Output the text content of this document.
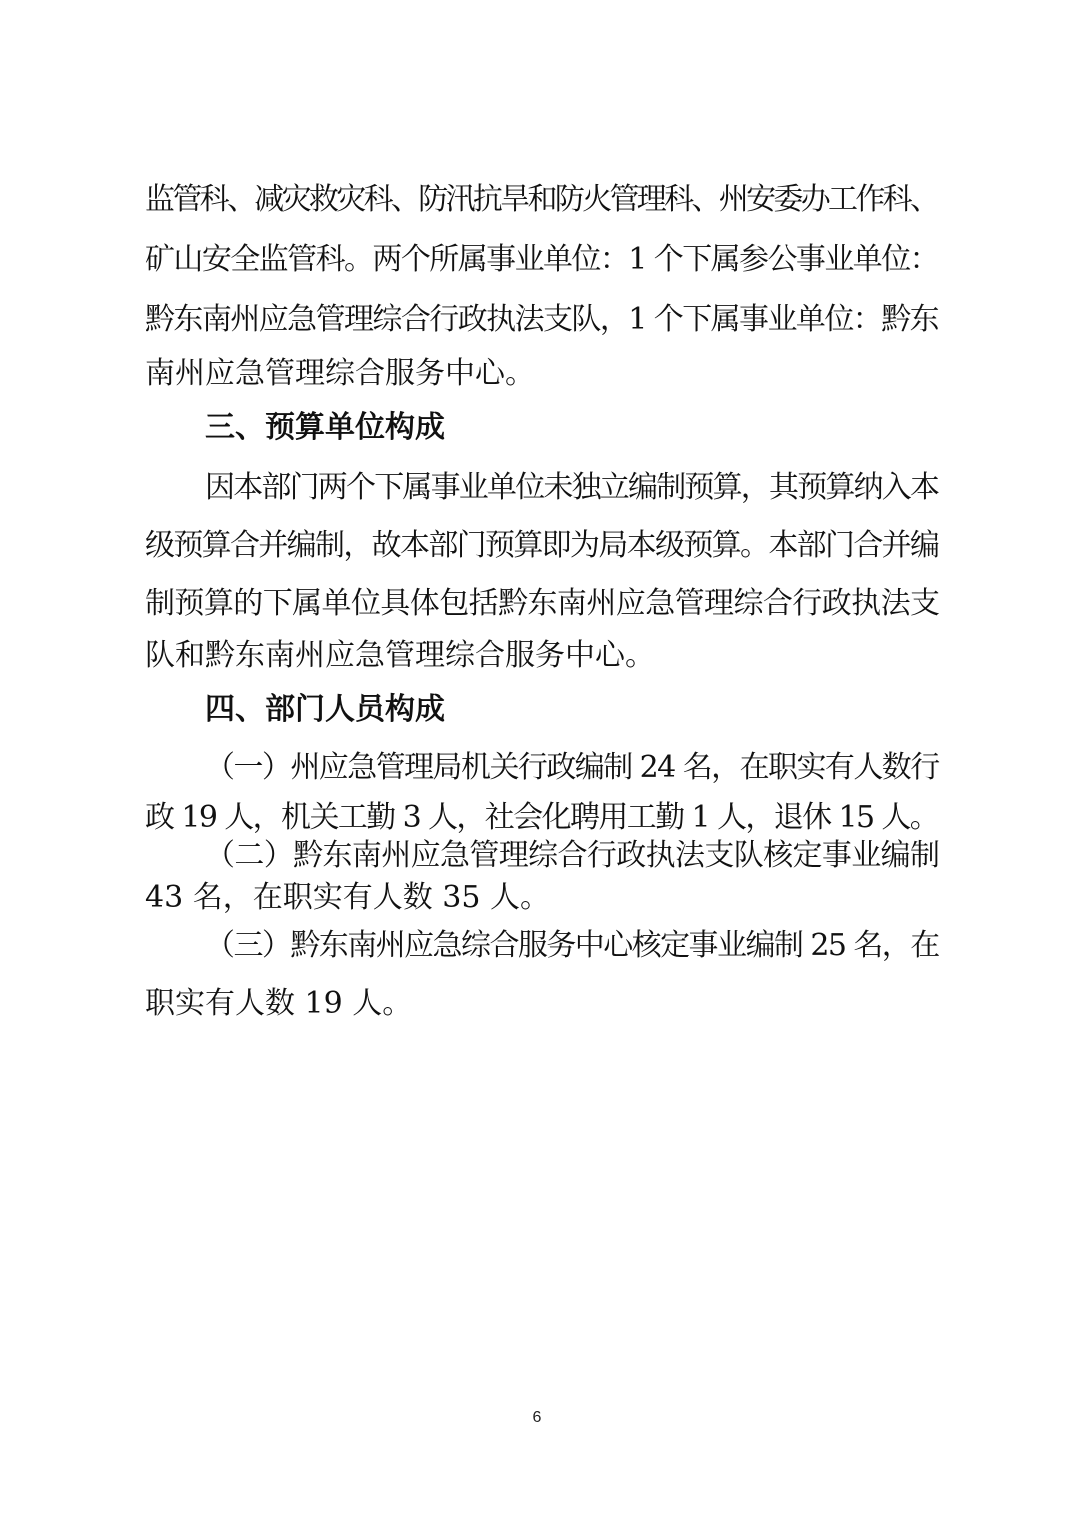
监管科、减灾救灾科、防汛抗旱和防火管理科、州安委办工作科、

矿山安全监管科。两个所属事业单位：1 个下属参公事业单位：

黔东南州应急管理综合行政执法支队，1 个下属事业单位：黔东

南州应急管理综合服务中心。

三、预算单位构成

因本部门两个下属事业单位未独立编制预算，其预算纳入本

级预算合并编制，故本部门预算即为局本级预算。本部门合并编

制预算的下属单位具体包括黔东南州应急管理综合行政执法支

队和黔东南州应急管理综合服务中心。

四、部门人员构成

（一）州应急管理局机关行政编制 24 名，在职实有人数行

政 19 人，机关工勤 3 人，社会化聘用工勤 1 人，退休 15 人。

（二）黔东南州应急管理综合行政执法支队核定事业编制

43 名，在职实有人数 35 人。

（三）黔东南州应急综合服务中心核定事业编制 25 名，在

职实有人数 19 人。

6
